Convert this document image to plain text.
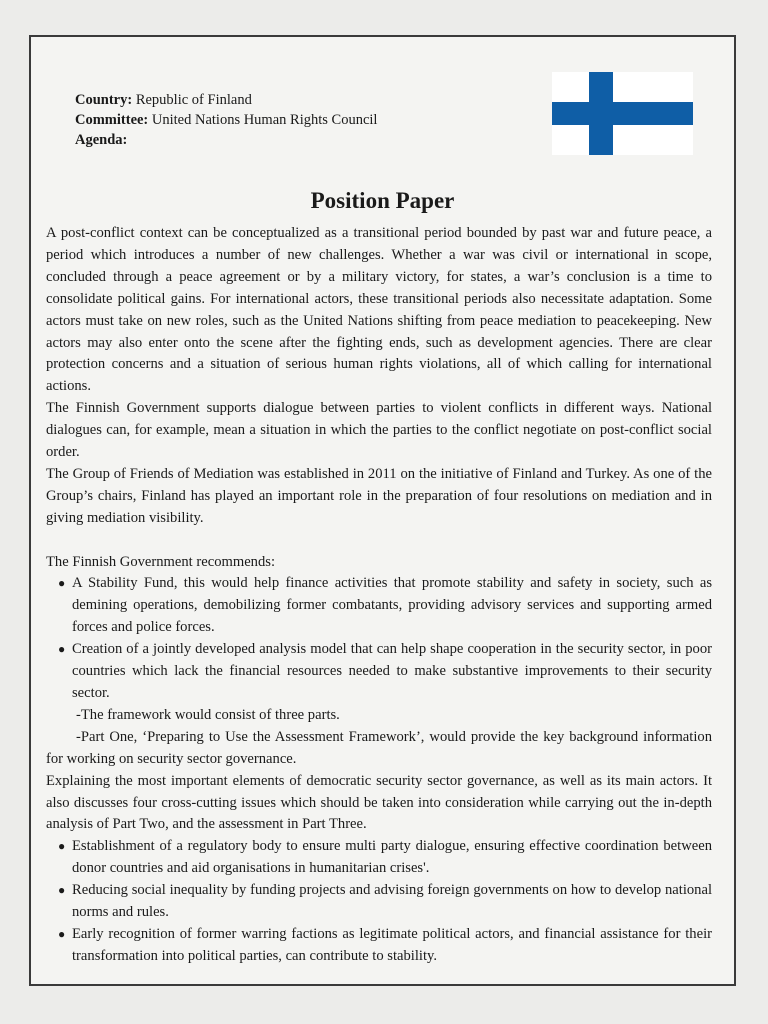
Country: Republic of Finland
Committee: United Nations Human Rights Council
Agenda:
Position Paper

A post-conflict context can be conceptualized as a transitional period bounded by past war and future peace, a period which introduces a number of new challenges. Whether a war was civil or international in scope, concluded through a peace agreement or by a military victory, for states, a war’s conclusion is a time to consolidate political gains. For international actors, these transitional periods also necessitate adaptation. Some actors must take on new roles, such as the United Nations shifting from peace mediation to peacekeeping. New actors may also enter onto the scene after the fighting ends, such as development agencies. There are clear protection concerns and a situation of serious human rights violations, all of which calling for international actions.

The Finnish Government supports dialogue between parties to violent conflicts in different ways. National dialogues can, for example, mean a situation in which the parties to the conflict negotiate on post-conflict social order.

The Group of Friends of Mediation was established in 2011 on the initiative of Finland and Turkey. As one of the Group’s chairs, Finland has played an important role in the preparation of four resolutions on mediation and in giving mediation visibility.

The Finnish Government recommends:

● A Stability Fund, this would help finance activities that promote stability and safety in society, such as demining operations, demobilizing former combatants, providing advisory services and supporting armed forces and police forces.
● Creation of a jointly developed analysis model that can help shape cooperation in the security sector, in poor countries which lack the financial resources needed to make substantive improvements to their security sector.

-The framework would consist of three parts.

-Part One, ‘Preparing to Use the Assessment Framework’, would provide the key background information for working on security sector governance.

Explaining the most important elements of democratic security sector governance, as well as its main actors. It also discusses four cross-cutting issues which should be taken into consideration while carrying out the in-depth analysis of Part Two, and the assessment in Part Three.

● Establishment of a regulatory body to ensure multi party dialogue, ensuring effective coordination between donor countries and aid organisations in humanitarian crises'.
● Reducing social inequality by funding projects and advising foreign governments on how to develop national norms and rules.
● Early recognition of former warring factions as legitimate political actors, and financial assistance for their transformation into political parties, can contribute to stability.
